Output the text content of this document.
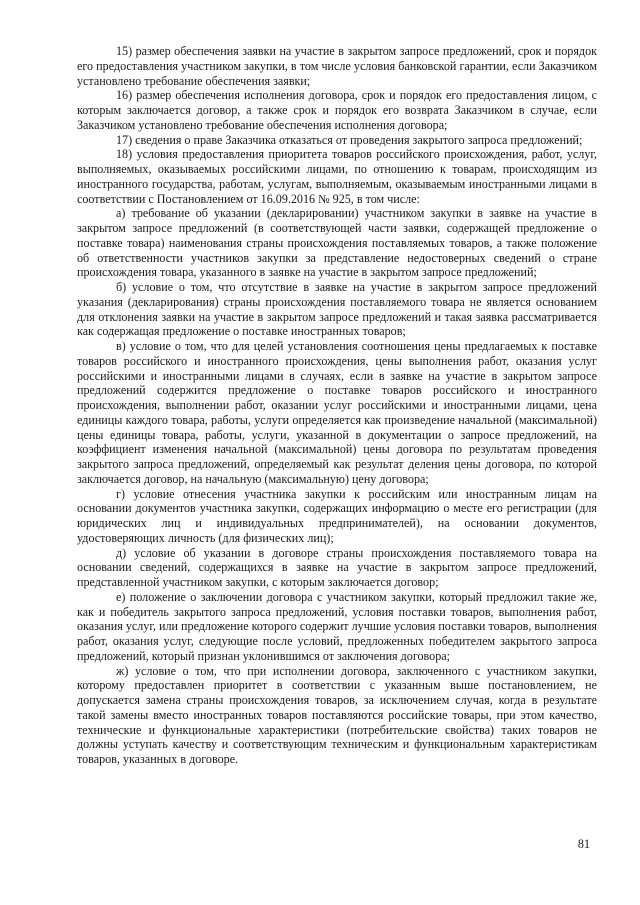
15) размер обеспечения заявки на участие в закрытом запросе предложений, срок и порядок его предоставления участником закупки, в том числе условия банковской гарантии, если Заказчиком установлено требование обеспечения заявки;

16) размер обеспечения исполнения договора, срок и порядок его предоставления лицом, с которым заключается договор, а также срок и порядок его возврата Заказчиком в случае, если Заказчиком установлено требование обеспечения исполнения договора;

17) сведения о праве Заказчика отказаться от проведения закрытого запроса предложений;

18) условия предоставления приоритета товаров российского происхождения, работ, услуг, выполняемых, оказываемых российскими лицами, по отношению к товарам, происходящим из иностранного государства, работам, услугам, выполняемым, оказываемым иностранными лицами в соответствии с Постановлением от 16.09.2016 № 925, в том числе:

а) требование об указании (декларировании) участником закупки в заявке на участие в закрытом запросе предложений (в соответствующей части заявки, содержащей предложение о поставке товара) наименования страны происхождения поставляемых товаров, а также положение об ответственности участников закупки за представление недостоверных сведений о стране происхождения товара, указанного в заявке на участие в закрытом запросе предложений;

б) условие о том, что отсутствие в заявке на участие в закрытом запросе предложений указания (декларирования) страны происхождения поставляемого товара не является основанием для отклонения заявки на участие в закрытом запросе предложений и такая заявка рассматривается как содержащая предложение о поставке иностранных товаров;

в) условие о том, что для целей установления соотношения цены предлагаемых к поставке товаров российского и иностранного происхождения, цены выполнения работ, оказания услуг российскими и иностранными лицами в случаях, если в заявке на участие в закрытом запросе предложений содержится предложение о поставке товаров российского и иностранного происхождения, выполнении работ, оказании услуг российскими и иностранными лицами, цена единицы каждого товара, работы, услуги определяется как произведение начальной (максимальной) цены единицы товара, работы, услуги, указанной в документации о запросе предложений, на коэффициент изменения начальной (максимальной) цены договора по результатам проведения закрытого запроса предложений, определяемый как результат деления цены договора, по которой заключается договор, на начальную (максимальную) цену договора;

г) условие отнесения участника закупки к российским или иностранным лицам на основании документов участника закупки, содержащих информацию о месте его регистрации (для юридических лиц и индивидуальных предпринимателей), на основании документов, удостоверяющих личность (для физических лиц);

д) условие об указании в договоре страны происхождения поставляемого товара на основании сведений, содержащихся в заявке на участие в закрытом запросе предложений, представленной участником закупки, с которым заключается договор;

е) положение о заключении договора с участником закупки, который предложил такие же, как и победитель закрытого запроса предложений, условия поставки товаров, выполнения работ, оказания услуг, или предложение которого содержит лучшие условия поставки товаров, выполнения работ, оказания услуг, следующие после условий, предложенных победителем закрытого запроса предложений, который признан уклонившимся от заключения договора;

ж) условие о том, что при исполнении договора, заключенного с участником закупки, которому предоставлен приоритет в соответствии с указанным выше постановлением, не допускается замена страны происхождения товаров, за исключением случая, когда в результате такой замены вместо иностранных товаров поставляются российские товары, при этом качество, технические и функциональные характеристики (потребительские свойства) таких товаров не должны уступать качеству и соответствующим техническим и функциональным характеристикам товаров, указанных в договоре.

81
